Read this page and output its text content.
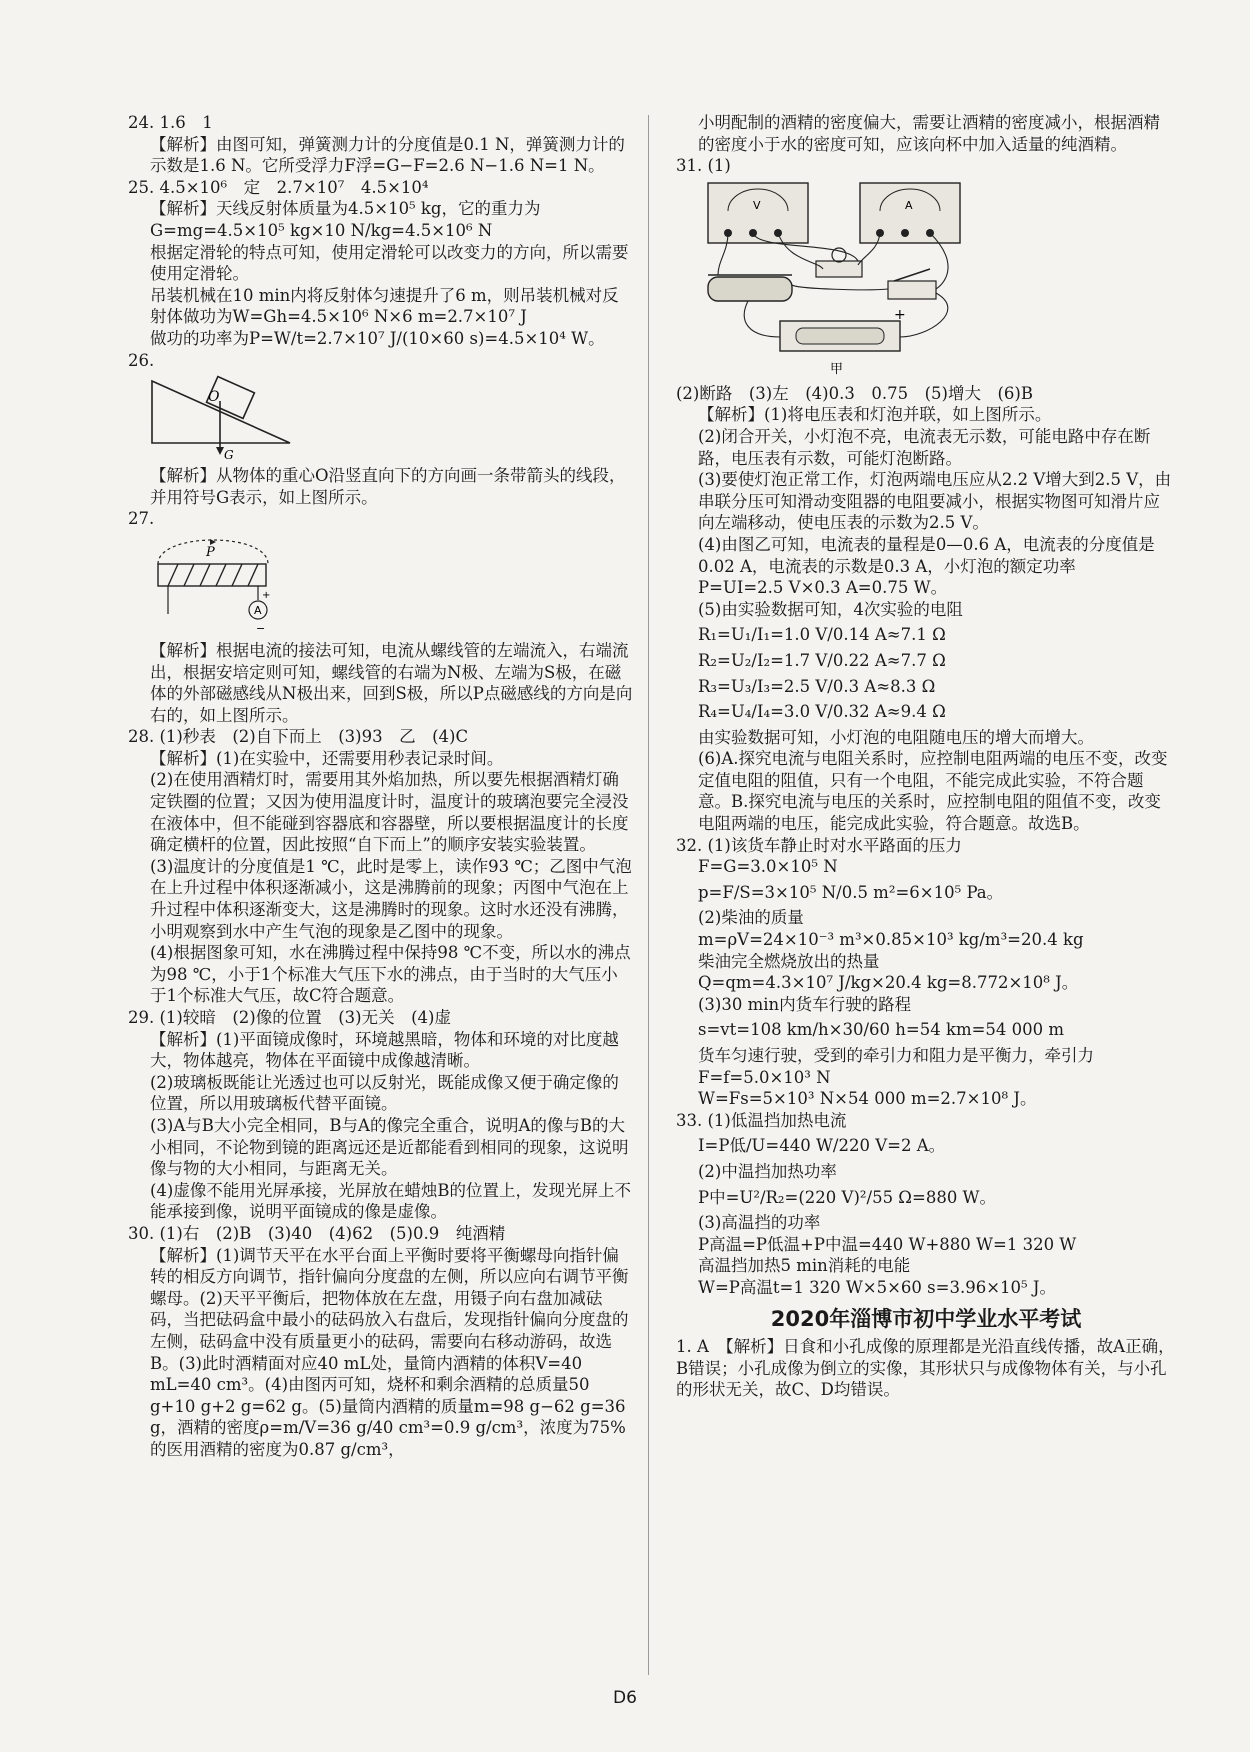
24. 1.6　1

【解析】由图可知，弹簧测力计的分度值是0.1 N，弹簧测力计的示数是1.6 N。它所受浮力F浮=G−F=2.6 N−1.6 N=1 N。

25. 4.5×10⁶　定　2.7×10⁷　4.5×10⁴

【解析】天线反射体质量为4.5×10⁵ kg，它的重力为G=mg=4.5×10⁵ kg×10 N/kg=4.5×10⁶ N

根据定滑轮的特点可知，使用定滑轮可以改变力的方向，所以需要使用定滑轮。

吊装机械在10 min内将反射体匀速提升了6 m，则吊装机械对反射体做功为W=Gh=4.5×10⁶ N×6 m=2.7×10⁷ J

做功的功率为P=W/t=2.7×10⁷ J/(10×60 s)=4.5×10⁴ W。

26.

O
G

【解析】从物体的重心O沿竖直向下的方向画一条带箭头的线段，并用符号G表示，如上图所示。

27.

P
A
+
−

【解析】根据电流的接法可知，电流从螺线管的左端流入，右端流出，根据安培定则可知，螺线管的右端为N极、左端为S极，在磁体的外部磁感线从N极出来，回到S极，所以P点磁感线的方向是向右的，如上图所示。

28. (1)秒表　(2)自下而上　(3)93　乙　(4)C

【解析】(1)在实验中，还需要用秒表记录时间。

(2)在使用酒精灯时，需要用其外焰加热，所以要先根据酒精灯确定铁圈的位置；又因为使用温度计时，温度计的玻璃泡要完全浸没在液体中，但不能碰到容器底和容器壁，所以要根据温度计的长度确定横杆的位置，因此按照“自下而上”的顺序安装实验装置。

(3)温度计的分度值是1 ℃，此时是零上，读作93 ℃；乙图中气泡在上升过程中体积逐渐减小，这是沸腾前的现象；丙图中气泡在上升过程中体积逐渐变大，这是沸腾时的现象。这时水还没有沸腾，小明观察到水中产生气泡的现象是乙图中的现象。

(4)根据图象可知，水在沸腾过程中保持98 ℃不变，所以水的沸点为98 ℃，小于1个标准大气压下水的沸点，由于当时的大气压小于1个标准大气压，故C符合题意。

29. (1)较暗　(2)像的位置　(3)无关　(4)虚

【解析】(1)平面镜成像时，环境越黑暗，物体和环境的对比度越大，物体越亮，物体在平面镜中成像越清晰。

(2)玻璃板既能让光透过也可以反射光，既能成像又便于确定像的位置，所以用玻璃板代替平面镜。

(3)A与B大小完全相同，B与A的像完全重合，说明A的像与B的大小相同，不论物到镜的距离远还是近都能看到相同的现象，这说明像与物的大小相同，与距离无关。

(4)虚像不能用光屏承接，光屏放在蜡烛B的位置上，发现光屏上不能承接到像，说明平面镜成的像是虚像。

30. (1)右　(2)B　(3)40　(4)62　(5)0.9　纯酒精

【解析】(1)调节天平在水平台面上平衡时要将平衡螺母向指针偏转的相反方向调节，指针偏向分度盘的左侧，所以应向右调节平衡螺母。(2)天平平衡后，把物体放在左盘，用镊子向右盘加减砝码，当把砝码盒中最小的砝码放入右盘后，发现指针偏向分度盘的左侧，砝码盒中没有质量更小的砝码，需要向右移动游码，故选B。(3)此时酒精面对应40 mL处，量筒内酒精的体积V=40 mL=40 cm³。(4)由图丙可知，烧杯和剩余酒精的总质量50 g+10 g+2 g=62 g。(5)量筒内酒精的质量m=98 g−62 g=36 g，酒精的密度ρ=m/V=36 g/40 cm³=0.9 g/cm³，浓度为75%的医用酒精的密度为0.87 g/cm³，

小明配制的酒精的密度偏大，需要让酒精的密度减小，根据酒精的密度小于水的密度可知，应该向杯中加入适量的纯酒精。

31. (1)

V	A
+
甲

(2)断路　(3)左　(4)0.3　0.75　(5)增大　(6)B

【解析】(1)将电压表和灯泡并联，如上图所示。

(2)闭合开关，小灯泡不亮，电流表无示数，可能电路中存在断路，电压表有示数，可能灯泡断路。

(3)要使灯泡正常工作，灯泡两端电压应从2.2 V增大到2.5 V，由串联分压可知滑动变阻器的电阻要减小，根据实物图可知滑片应向左端移动，使电压表的示数为2.5 V。

(4)由图乙可知，电流表的量程是0—0.6 A，电流表的分度值是0.02 A，电流表的示数是0.3 A，小灯泡的额定功率

P=UI=2.5 V×0.3 A=0.75 W。

(5)由实验数据可知，4次实验的电阻

R₁=U₁/I₁=1.0 V/0.14 A≈7.1 Ω

R₂=U₂/I₂=1.7 V/0.22 A≈7.7 Ω

R₃=U₃/I₃=2.5 V/0.3 A≈8.3 Ω

R₄=U₄/I₄=3.0 V/0.32 A≈9.4 Ω

由实验数据可知，小灯泡的电阻随电压的增大而增大。

(6)A.探究电流与电阻关系时，应控制电阻两端的电压不变，改变定值电阻的阻值，只有一个电阻，不能完成此实验，不符合题意。B.探究电流与电压的关系时，应控制电阻的阻值不变，改变电阻两端的电压，能完成此实验，符合题意。故选B。

32. (1)该货车静止时对水平路面的压力

F=G=3.0×10⁵ N

p=F/S=3×10⁵ N/0.5 m²=6×10⁵ Pa。

(2)柴油的质量

m=ρV=24×10⁻³ m³×0.85×10³ kg/m³=20.4 kg

柴油完全燃烧放出的热量

Q=qm=4.3×10⁷ J/kg×20.4 kg=8.772×10⁸ J。

(3)30 min内货车行驶的路程

s=vt=108 km/h×30/60 h=54 km=54 000 m

货车匀速行驶，受到的牵引力和阻力是平衡力，牵引力F=f=5.0×10³ N

W=Fs=5×10³ N×54 000 m=2.7×10⁸ J。

33. (1)低温挡加热电流

I=P低/U=440 W/220 V=2 A。

(2)中温挡加热功率

P中=U²/R₂=(220 V)²/55 Ω=880 W。

(3)高温挡的功率

P高温=P低温+P中温=440 W+880 W=1 320 W

高温挡加热5 min消耗的电能

W=P高温t=1 320 W×5×60 s=3.96×10⁵ J。

2020年淄博市初中学业水平考试

1. A　【解析】日食和小孔成像的原理都是光沿直线传播，故A正确，B错误；小孔成像为倒立的实像，其形状只与成像物体有关，与小孔的形状无关，故C、D均错误。

D6
